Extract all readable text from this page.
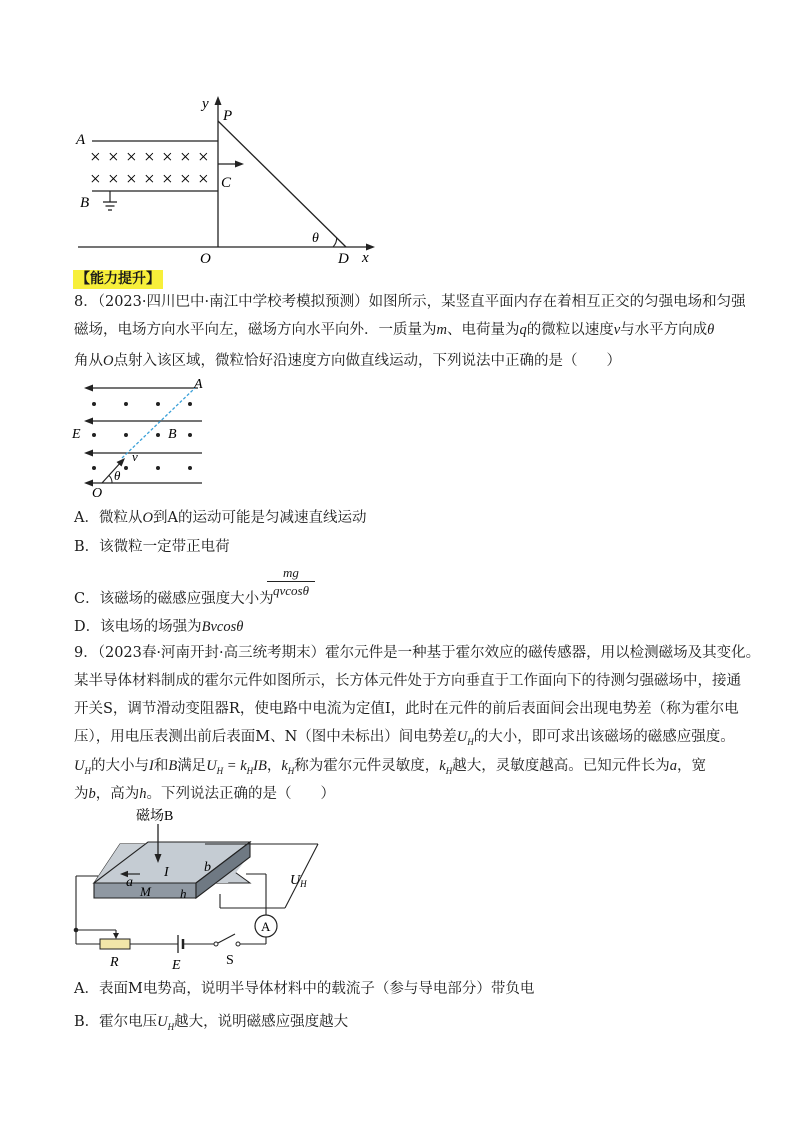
× × × × × × ×
× × × × × × ×
y
P
A
C
B
θ
O	D x
【能力提升】
8．（2023·四川巴中·南江中学校考模拟预测）如图所示，某竖直平面内存在着相互正交的匀强电场和匀强
磁场，电场方向水平向左，磁场方向水平向外．一质量为m、电荷量为q的微粒以速度v与水平方向成θ
角从O点射入该区域，微粒恰好沿速度方向做直线运动，下列说法中正确的是（　　）
A
E	B
v
θ
O
A．微粒从O到A的运动可能是匀减速直线运动
B．该微粒一定带正电荷
C．该磁场的磁感应强度大小为
mg
qvcosθ
D．该电场的场强为Bvcosθ
9．（2023春·河南开封·高三统考期末）霍尔元件是一种基于霍尔效应的磁传感器，用以检测磁场及其变化。
某半导体材料制成的霍尔元件如图所示，长方体元件处于方向垂直于工作面向下的待测匀强磁场中，接通
开关S，调节滑动变阻器R，使电路中电流为定值I，此时在元件的前后表面间会出现电势差（称为霍尔电
压），用电压表测出前后表面M、N（图中未标出）间电势差$U_H$的大小，即可求出该磁场的磁感应强度。
$U_H$的大小与I和B满足$U_H = k_HIB$，$k_H$称为霍尔元件灵敏度，$k_H$越大，灵敏度越高。已知元件长为a，宽
为b，高为h。下列说法正确的是（　　）
磁场B
I	b
a
M h
$U_H$
A
R	E	S
A．表面M电势高，说明半导体材料中的载流子（参与导电部分）带负电
B．霍尔电压$U_H$越大，说明磁感应强度越大
